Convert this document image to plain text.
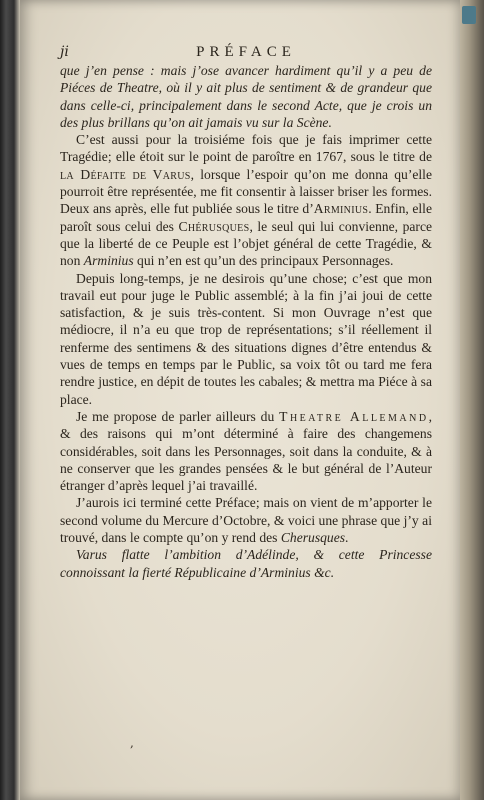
ji	PRÉFACE

que j’en pense : mais j’ose avancer hardiment qu’il y a peu de Piéces de Theatre, où il y ait plus de sentiment & de grandeur que dans celle-ci, principalement dans le second Acte, que je crois un des plus brillans qu’on ait jamais vu sur la Scène.

C’est aussi pour la troisiéme fois que je fais imprimer cette Tragédie; elle étoit sur le point de paroître en 1767, sous le titre de la Défaite de Varus, lorsque l’espoir qu’on me donna qu’elle pourroit être représentée, me fit consentir à laisser briser les formes. Deux ans après, elle fut publiée sous le titre d’Arminius. Enfin, elle paroît sous celui des Chérusques, le seul qui lui convienne, parce que la liberté de ce Peuple est l’objet général de cette Tragédie, & non Arminius qui n’en est qu’un des principaux Personnages.

Depuis long-temps, je ne desirois qu’une chose; c’est que mon travail eut pour juge le Public assemblé; à la fin j’ai joui de cette satisfaction, & je suis très-content. Si mon Ouvrage n’est que médiocre, il n’a eu que trop de représentations; s’il réellement il renferme des sentimens & des situations dignes d’être entendus & vues de temps en temps par le Public, sa voix tôt ou tard me fera rendre justice, en dépit de toutes les cabales; & mettra ma Piéce à sa place.

Je me propose de parler ailleurs du Theatre Allemand, & des raisons qui m’ont déterminé à faire des changemens considérables, soit dans les Personnages, soit dans la conduite, & à ne conserver que les grandes pensées & le but général de l’Auteur étranger d’après lequel j’ai travaillé.

J’aurois ici terminé cette Préface; mais on vient de m’apporter le second volume du Mercure d’Octobre, & voici une phrase que j’y ai trouvé, dans le compte qu’on y rend des Cherusques.

Varus flatte l’ambition d’Adélinde, & cette Princesse connoissant la fierté Républicaine d’Arminius &c.

,
